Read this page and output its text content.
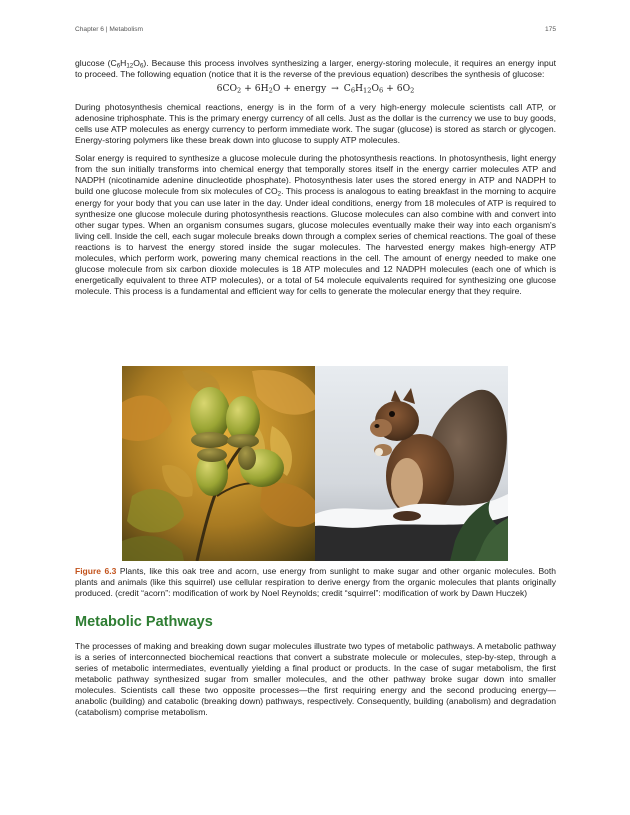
Chapter 6 | Metabolism	175

glucose $(C_6H_{12}O_6)$. Because this process involves synthesizing a larger, energy-storing molecule, it requires an energy input to proceed. The following equation (notice that it is the reverse of the previous equation) describes the synthesis of glucose:

$6CO_2 + 6H_2O$ + energy → $C_6H_{12}O_6 + 6O_2$

During photosynthesis chemical reactions, energy is in the form of a very high-energy molecule scientists call ATP, or adenosine triphosphate. This is the primary energy currency of all cells. Just as the dollar is the currency we use to buy goods, cells use ATP molecules as energy currency to perform immediate work. The sugar (glucose) is stored as starch or glycogen. Energy-storing polymers like these break down into glucose to supply ATP molecules.

Solar energy is required to synthesize a glucose molecule during the photosynthesis reactions. In photosynthesis, light energy from the sun initially transforms into chemical energy that temporally stores itself in the energy carrier molecules ATP and NADPH (nicotinamide adenine dinucleotide phosphate). Photosynthesis later uses the stored energy in ATP and NADPH to build one glucose molecule from six molecules of $CO_2$. This process is analogous to eating breakfast in the morning to acquire energy for your body that you can use later in the day. Under ideal conditions, energy from 18 molecules of ATP is required to synthesize one glucose molecule during photosynthesis reactions. Glucose molecules can also combine with and convert into other sugar types. When an organism consumes sugars, glucose molecules eventually make their way into each organism's living cell. Inside the cell, each sugar molecule breaks down through a complex series of chemical reactions. The goal of these reactions is to harvest the energy stored inside the sugar molecules. The harvested energy makes high-energy ATP molecules, which perform work, powering many chemical reactions in the cell. The amount of energy needed to make one glucose molecule from six carbon dioxide molecules is 18 ATP molecules and 12 NADPH molecules (each one of which is energetically equivalent to three ATP molecules), or a total of 54 molecule equivalents required for synthesizing one glucose molecule. This process is a fundamental and efficient way for cells to generate the molecular energy that they require.

Figure 6.3 Plants, like this oak tree and acorn, use energy from sunlight to make sugar and other organic molecules. Both plants and animals (like this squirrel) use cellular respiration to derive energy from the organic molecules that plants originally produced. (credit “acorn”: modification of work by Noel Reynolds; credit “squirrel”: modification of work by Dawn Huczek)
Metabolic Pathways

The processes of making and breaking down sugar molecules illustrate two types of metabolic pathways. A metabolic pathway is a series of interconnected biochemical reactions that convert a substrate molecule or molecules, step-by-step, through a series of metabolic intermediates, eventually yielding a final product or products. In the case of sugar metabolism, the first metabolic pathway synthesized sugar from smaller molecules, and the other pathway broke sugar down into smaller molecules. Scientists call these two opposite processes—the first requiring energy and the second producing energy—anabolic (building) and catabolic (breaking down) pathways, respectively. Consequently, building (anabolism) and degradation (catabolism) comprise metabolism.
